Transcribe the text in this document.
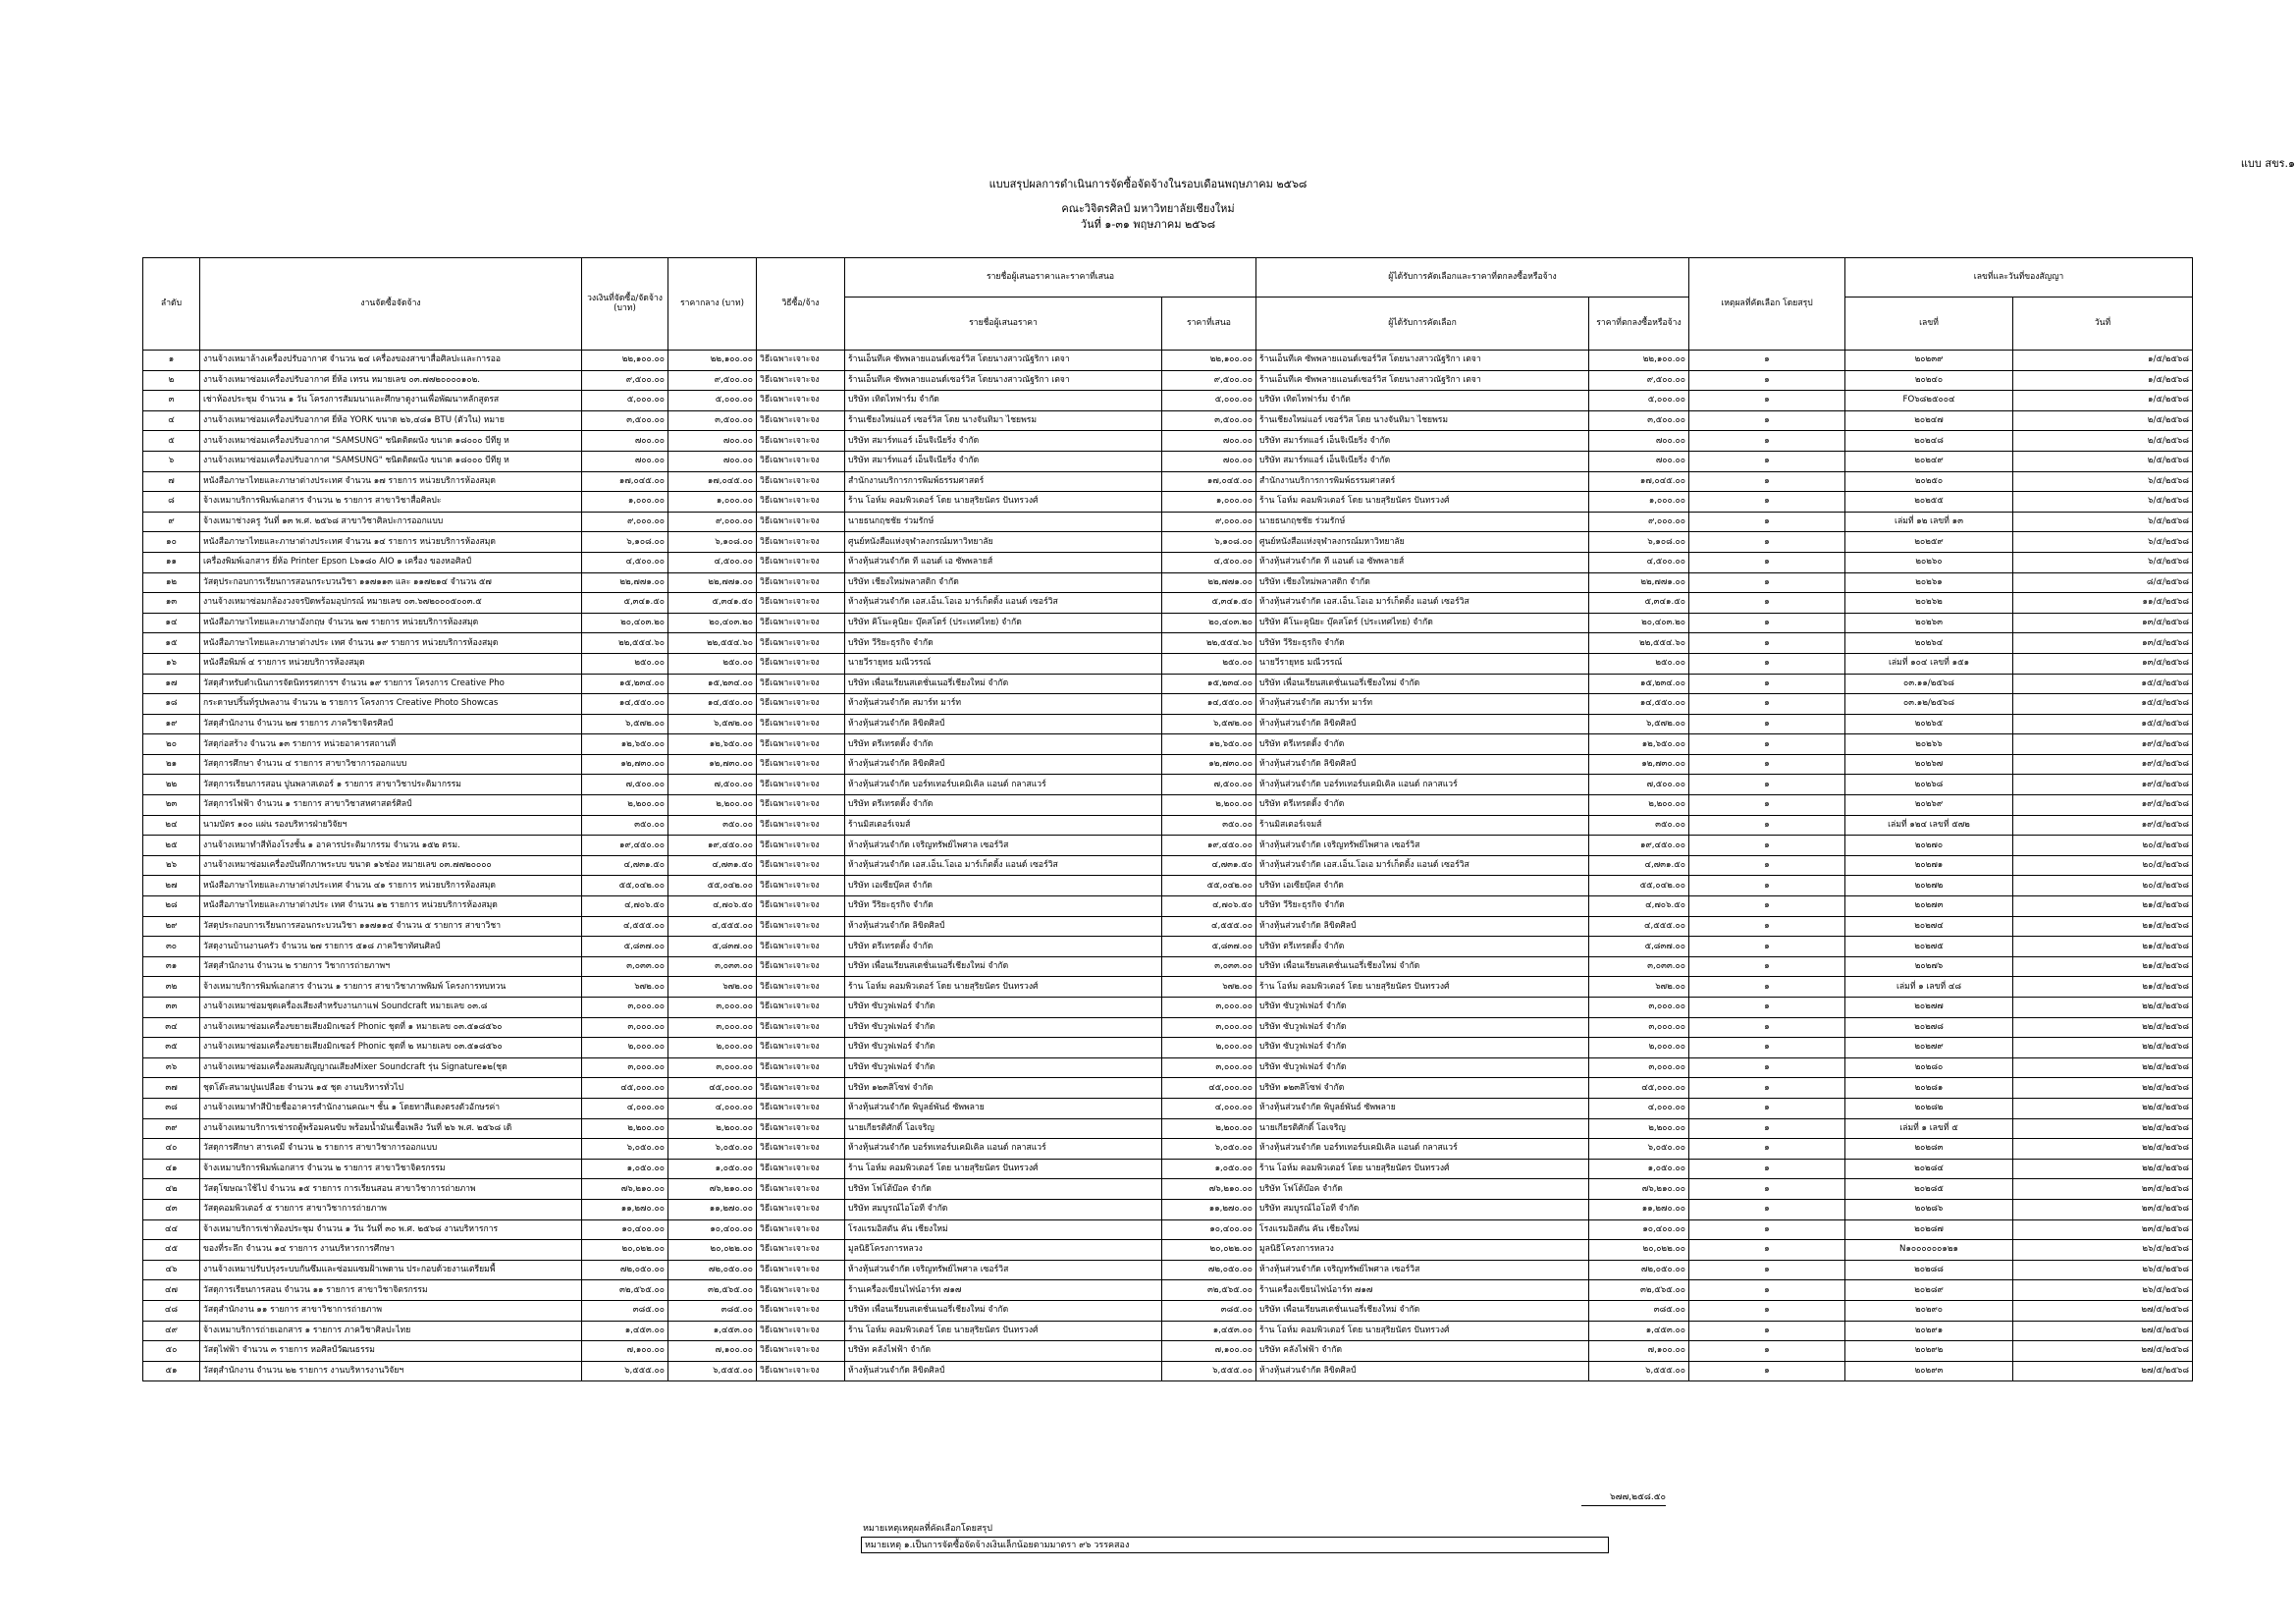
แบบ สขร.๑
แบบสรุปผลการดำเนินการจัดซื้อจัดจ้างในรอบเดือนพฤษภาคม ๒๕๖๘
คณะวิจิตรศิลป์ มหาวิทยาลัยเชียงใหม่
วันที่ ๑-๓๑ พฤษภาคม ๒๕๖๘
ลำดับ	งานจัดซื้อจัดจ้าง	วงเงินที่จัดซื้อ/จัดจ้าง (บาท)	ราคากลาง (บาท)	วิธีซื้อ/จ้าง	รายชื่อผู้เสนอราคาและราคาที่เสนอ		ผู้ได้รับการคัดเลือกและราคาที่ตกลงซื้อหรือจ้าง		เหตุผลที่คัดเลือก โดยสรุป	เลขที่และวันที่ของสัญญา	
					รายชื่อผู้เสนอราคา	ราคาที่เสนอ	ผู้ได้รับการคัดเลือก	ราคาที่ตกลงซื้อหรือจ้าง		เลขที่	วันที่
๑	งานจ้างเหมาล้างเครื่องปรับอากาศ จำนวน ๒๔ เครื่องของสาขาสื่อศิลปะและการออ	๒๒,๑๐๐.๐๐	๒๒,๑๐๐.๐๐	วิธีเฉพาะเจาะจง	ร้านเอ็นทีเค ซัพพลายแอนด์เซอร์วิส โดยนางสาวณัฐริกา เตจา	๒๒,๑๐๐.๐๐	ร้านเอ็นทีเค ซัพพลายแอนด์เซอร์วิส โดยนางสาวณัฐริกา เตจา	๒๒,๑๐๐.๐๐	๑	๒๐๒๓๙	๑/๕/๒๕๖๘
๒	งานจ้างเหมาซ่อมเครื่องปรับอากาศ ยี่ห้อ เทรน หมายเลข ๐๓.๗๗๒๐๐๐๐๑๐๒.	๙,๕๐๐.๐๐	๙,๕๐๐.๐๐	วิธีเฉพาะเจาะจง	ร้านเอ็นทีเค ซัพพลายแอนด์เซอร์วิส โดยนางสาวณัฐริกา เตจา	๙,๕๐๐.๐๐	ร้านเอ็นทีเค ซัพพลายแอนด์เซอร์วิส โดยนางสาวณัฐริกา เตจา	๙,๕๐๐.๐๐	๑	๒๐๒๔๐	๑/๕/๒๕๖๘
๓	เช่าห้องประชุม จำนวน ๑ วัน โครงการสัมมนาและศึกษาดูงานเพื่อพัฒนาหลักสูตรส	๕,๐๐๐.๐๐	๕,๐๐๐.๐๐	วิธีเฉพาะเจาะจง	บริษัท เทิดไทฟาร์ม จำกัด	๕,๐๐๐.๐๐	บริษัท เทิดไทฟาร์ม จำกัด	๕,๐๐๐.๐๐	๑	FO๖๘๒๕๐๐๔	๑/๕/๒๕๖๘
๔	งานจ้างเหมาซ่อมเครื่องปรับอากาศ ยี่ห้อ YORK ขนาด ๒๖,๔๘๑ BTU (ตัวใน) หมาย	๓,๕๐๐.๐๐	๓,๕๐๐.๐๐	วิธีเฉพาะเจาะจง	ร้านเชียงใหม่แอร์ เซอร์วิส โดย นางจันทิมา ไชยพรม	๓,๕๐๐.๐๐	ร้านเชียงใหม่แอร์ เซอร์วิส โดย นางจันทิมา ไชยพรม	๓,๕๐๐.๐๐	๑	๒๐๒๔๗	๒/๕/๒๕๖๘
๕	งานจ้างเหมาซ่อมเครื่องปรับอากาศ "SAMSUNG" ชนิดติดผนัง ขนาด ๑๘๐๐๐ บีทียู ห	๗๐๐.๐๐	๗๐๐.๐๐	วิธีเฉพาะเจาะจง	บริษัท สมาร์ทแอร์ เอ็นจิเนียริ่ง จำกัด	๗๐๐.๐๐	บริษัท สมาร์ทแอร์ เอ็นจิเนียริ่ง จำกัด	๗๐๐.๐๐	๑	๒๐๒๔๘	๒/๕/๒๕๖๘
๖	งานจ้างเหมาซ่อมเครื่องปรับอากาศ "SAMSUNG" ชนิดติดผนัง ขนาด ๑๘๐๐๐ บีทียู ห	๗๐๐.๐๐	๗๐๐.๐๐	วิธีเฉพาะเจาะจง	บริษัท สมาร์ทแอร์ เอ็นจิเนียริ่ง จำกัด	๗๐๐.๐๐	บริษัท สมาร์ทแอร์ เอ็นจิเนียริ่ง จำกัด	๗๐๐.๐๐	๑	๒๐๒๔๙	๒/๕/๒๕๖๘
๗	หนังสือภาษาไทยและภาษาต่างประเทศ จำนวน ๑๗ รายการ หน่วยบริการห้องสมุด	๑๗,๐๔๕.๐๐	๑๗,๐๔๕.๐๐	วิธีเฉพาะเจาะจง	สำนักงานบริการการพิมพ์ธรรมศาสตร์	๑๗,๐๔๕.๐๐	สำนักงานบริการการพิมพ์ธรรมศาสตร์	๑๗,๐๔๕.๐๐	๑	๒๐๒๕๐	๖/๕/๒๕๖๘
๘	จ้างเหมาบริการพิมพ์เอกสาร จำนวน ๒ รายการ สาขาวิชาสื่อศิลปะ	๑,๐๐๐.๐๐	๑,๐๐๐.๐๐	วิธีเฉพาะเจาะจง	ร้าน โอห์ม คอมพิวเตอร์ โดย นายสุริยนัตร ปันทรวงศ์	๑,๐๐๐.๐๐	ร้าน โอห์ม คอมพิวเตอร์ โดย นายสุริยนัตร ปันทรวงศ์	๑,๐๐๐.๐๐	๑	๒๐๒๕๕	๖/๕/๒๕๖๘
๙	จ้างเหมาช่างครู วันที่ ๑๓ พ.ศ. ๒๕๖๘ สาขาวิชาศิลปะการออกแบบ	๙,๐๐๐.๐๐	๙,๐๐๐.๐๐	วิธีเฉพาะเจาะจง	นายธนกฤชชัย ร่วมรักษ์	๙,๐๐๐.๐๐	นายธนกฤชชัย ร่วมรักษ์	๙,๐๐๐.๐๐	๑	เล่มที่ ๑๒ เลขที่ ๑๓	๖/๕/๒๕๖๘
๑๐	หนังสือภาษาไทยและภาษาต่างประเทศ จำนวน ๑๔ รายการ หน่วยบริการห้องสมุด	๖,๑๐๘.๐๐	๖,๑๐๘.๐๐	วิธีเฉพาะเจาะจง	ศูนย์หนังสือแห่งจุฬาลงกรณ์มหาวิทยาลัย	๖,๑๐๘.๐๐	ศูนย์หนังสือแห่งจุฬาลงกรณ์มหาวิทยาลัย	๖,๑๐๘.๐๐	๑	๒๐๒๕๙	๖/๕/๒๕๖๘
๑๑	เครื่องพิมพ์เอกสาร ยี่ห้อ Printer Epson L๖๑๘๐ AIO ๑ เครื่อง ของหอศิลป์	๔,๕๐๐.๐๐	๔,๕๐๐.๐๐	วิธีเฉพาะเจาะจง	ห้างหุ้นส่วนจำกัด ที แอนด์ เอ ซัพพลายส์	๔,๕๐๐.๐๐	ห้างหุ้นส่วนจำกัด ที แอนด์ เอ ซัพพลายส์	๔,๕๐๐.๐๐	๑	๒๐๒๖๐	๖/๕/๒๕๖๘
๑๒	วัสดุประกอบการเรียนการสอนกระบวนวิชา ๑๑๗๑๑๓ และ ๑๑๗๒๑๔ จำนวน ๕๗	๒๒,๗๗๑.๐๐	๒๒,๗๗๑.๐๐	วิธีเฉพาะเจาะจง	บริษัท เชียงใหม่พลาสติก จำกัด	๒๒,๗๗๑.๐๐	บริษัท เชียงใหม่พลาสติก จำกัด	๒๒,๗๗๑.๐๐	๑	๒๐๒๖๑	๘/๕/๒๕๖๘
๑๓	งานจ้างเหมาซ่อมกล้องวงจรปิดพร้อมอุปกรณ์ หมายเลข ๐๓.๖๗๒๐๐๐๕๐๐๓.๕	๕,๓๔๑.๕๐	๕,๓๔๑.๕๐	วิธีเฉพาะเจาะจง	ห้างหุ้นส่วนจำกัด เอส.เอ็น.โอเอ มาร์เก็ตติ้ง แอนด์ เซอร์วิส	๕,๓๔๑.๕๐	ห้างหุ้นส่วนจำกัด เอส.เอ็น.โอเอ มาร์เก็ตติ้ง แอนด์ เซอร์วิส	๕,๓๔๑.๕๐	๑	๒๐๒๖๒	๑๑/๕/๒๕๖๘
๑๔	หนังสือภาษาไทยและภาษาอังกฤษ จำนวน ๒๗ รายการ หน่วยบริการห้องสมุด	๒๐,๔๐๓.๒๐	๒๐,๔๐๓.๒๐	วิธีเฉพาะเจาะจง	บริษัท คิโนะคูนิยะ บุ๊คสโตร์ (ประเทศไทย) จำกัด	๒๐,๔๐๓.๒๐	บริษัท คิโนะคูนิยะ บุ๊คสโตร์ (ประเทศไทย) จำกัด	๒๐,๔๐๓.๒๐	๑	๒๐๒๖๓	๑๓/๕/๒๕๖๘
๑๕	หนังสือภาษาไทยและภาษาต่างประ เทศ จำนวน ๑๙ รายการ หน่วยบริการห้องสมุด	๒๒,๕๕๔.๖๐	๒๒,๕๕๔.๖๐	วิธีเฉพาะเจาะจง	บริษัท วีริยะธุรกิจ จำกัด	๒๒,๕๕๔.๖๐	บริษัท วีริยะธุรกิจ จำกัด	๒๒,๕๕๔.๖๐	๑	๒๐๒๖๔	๑๓/๕/๒๕๖๘
๑๖	หนังสือพิมพ์ ๔ รายการ หน่วยบริการห้องสมุด	๒๕๐.๐๐	๒๕๐.๐๐	วิธีเฉพาะเจาะจง	นายวีรายุทธ มณีวรรณ์	๒๕๐.๐๐	นายวีรายุทธ มณีวรรณ์	๒๕๐.๐๐	๑	เล่มที่ ๑๐๔ เลขที่ ๑๕๑	๑๓/๕/๒๕๖๘
๑๗	วัสดุสำหรับดำเนินการจัดนิทรรศการฯ จำนวน ๑๙ รายการ โครงการ Creative Pho	๑๕,๒๓๔.๐๐	๑๕,๒๓๔.๐๐	วิธีเฉพาะเจาะจง	บริษัท เพื่อนเรียนสเตชั่นเนอรี่เชียงใหม่ จำกัด	๑๕,๒๓๔.๐๐	บริษัท เพื่อนเรียนสเตชั่นเนอรี่เชียงใหม่ จำกัด	๑๕,๒๓๔.๐๐	๑	๐๓.๑๑/๒๕๖๘	๑๕/๕/๒๕๖๘
๑๘	กระดาษปริ้นท์รูปพลงาน จำนวน ๒ รายการ โครงการ Creative Photo Showcas	๑๔,๕๕๐.๐๐	๑๔,๕๕๐.๐๐	วิธีเฉพาะเจาะจง	ห้างหุ้นส่วนจำกัด สมาร์ท มาร์ท	๑๔,๕๕๐.๐๐	ห้างหุ้นส่วนจำกัด สมาร์ท มาร์ท	๑๔,๕๕๐.๐๐	๑	๐๓.๑๒/๒๕๖๘	๑๕/๕/๒๕๖๘
๑๙	วัสดุสำนักงาน จำนวน ๒๗ รายการ ภาควิชาจิตรศิลป์	๖,๕๗๒.๐๐	๖,๕๗๒.๐๐	วิธีเฉพาะเจาะจง	ห้างหุ้นส่วนจำกัด ลิขิตศิลป์	๖,๕๗๒.๐๐	ห้างหุ้นส่วนจำกัด ลิขิตศิลป์	๖,๕๗๒.๐๐	๑	๒๐๒๖๕	๑๕/๕/๒๕๖๘
๒๐	วัสดุก่อสร้าง จำนวน ๑๓ รายการ หน่วยอาคารสถานที่	๑๒,๖๕๐.๐๐	๑๒,๖๕๐.๐๐	วิธีเฉพาะเจาะจง	บริษัท ตรีเทรดดิ้ง จำกัด	๑๒,๖๕๐.๐๐	บริษัท ตรีเทรดดิ้ง จำกัด	๑๒,๖๕๐.๐๐	๑	๒๐๒๖๖	๑๙/๕/๒๕๖๘
๒๑	วัสดุการศึกษา จำนวน ๔ รายการ สาขาวิชาการออกแบบ	๑๒,๗๓๐.๐๐	๑๒,๗๓๐.๐๐	วิธีเฉพาะเจาะจง	ห้างหุ้นส่วนจำกัด ลิขิตศิลป์	๑๒,๗๓๐.๐๐	ห้างหุ้นส่วนจำกัด ลิขิตศิลป์	๑๒,๗๓๐.๐๐	๑	๒๐๒๖๗	๑๙/๕/๒๕๖๘
๒๒	วัสดุการเรียนการสอน ปูนพลาสเตอร์ ๑ รายการ สาขาวิชาประติมากรรม	๗,๕๐๐.๐๐	๗,๕๐๐.๐๐	วิธีเฉพาะเจาะจง	ห้างหุ้นส่วนจำกัด บอร์ทเทอร์บเคมิเคิล แอนด์ กลาสแวร์	๗,๕๐๐.๐๐	ห้างหุ้นส่วนจำกัด บอร์ทเทอร์บเคมิเคิล แอนด์ กลาสแวร์	๗,๕๐๐.๐๐	๑	๒๐๒๖๘	๑๙/๕/๒๕๖๘
๒๓	วัสดุการไฟฟ้า จำนวน ๑ รายการ สาขาวิชาสหศาสตร์ศิลป์	๒,๒๐๐.๐๐	๒,๒๐๐.๐๐	วิธีเฉพาะเจาะจง	บริษัท ตรีเทรดดิ้ง จำกัด	๒,๒๐๐.๐๐	บริษัท ตรีเทรดดิ้ง จำกัด	๒,๒๐๐.๐๐	๑	๒๐๒๖๙	๑๙/๕/๒๕๖๘
๒๔	นามบัตร ๑๐๐ แผ่น รองบริหารฝ่ายวิจัยฯ	๓๕๐.๐๐	๓๕๐.๐๐	วิธีเฉพาะเจาะจง	ร้านมิสเตอร์เจมส์	๓๕๐.๐๐	ร้านมิสเตอร์เจมส์	๓๕๐.๐๐	๑	เล่มที่ ๑๒๔ เลขที่ ๕๗๒	๑๙/๕/๒๕๖๘
๒๕	งานจ้างเหมาทำสีท้องโรงชั้น ๑ อาคารประติมากรรม จำนวน ๑๕๒ ตรม.	๑๙,๔๕๐.๐๐	๑๙,๔๕๐.๐๐	วิธีเฉพาะเจาะจง	ห้างหุ้นส่วนจำกัด เจริญทรัพย์ไพศาล เซอร์วิส	๑๙,๔๕๐.๐๐	ห้างหุ้นส่วนจำกัด เจริญทรัพย์ไพศาล เซอร์วิส	๑๙,๔๕๐.๐๐	๑	๒๐๒๗๐	๒๐/๕/๒๕๖๘
๒๖	งานจ้างเหมาซ่อมเครื่องบันทึกภาพระบบ ขนาด ๑๖ช่อง หมายเลข ๐๓.๗๗๒๐๐๐๐	๔,๗๓๑.๕๐	๔,๗๓๑.๕๐	วิธีเฉพาะเจาะจง	ห้างหุ้นส่วนจำกัด เอส.เอ็น.โอเอ มาร์เก็ตติ้ง แอนด์ เซอร์วิส	๔,๗๓๑.๕๐	ห้างหุ้นส่วนจำกัด เอส.เอ็น.โอเอ มาร์เก็ตติ้ง แอนด์ เซอร์วิส	๔,๗๓๑.๕๐	๑	๒๐๒๗๑	๒๐/๕/๒๕๖๘
๒๗	หนังสือภาษาไทยและภาษาต่างประเทศ จำนวน ๔๑ รายการ หน่วยบริการห้องสมุด	๕๕,๐๔๒.๐๐	๕๕,๐๔๒.๐๐	วิธีเฉพาะเจาะจง	บริษัท เอเซียบุ๊คส จำกัด	๕๕,๐๔๒.๐๐	บริษัท เอเซียบุ๊คส จำกัด	๕๕,๐๔๒.๐๐	๑	๒๐๒๗๒	๒๐/๕/๒๕๖๘
๒๘	หนังสือภาษาไทยและภาษาต่างประ เทศ จำนวน ๑๒ รายการ หน่วยบริการห้องสมุด	๔,๗๐๖.๕๐	๔,๗๐๖.๕๐	วิธีเฉพาะเจาะจง	บริษัท วีริยะธุรกิจ จำกัด	๔,๗๐๖.๕๐	บริษัท วีริยะธุรกิจ จำกัด	๔,๗๐๖.๕๐	๑	๒๐๒๗๓	๒๑/๕/๒๕๖๘
๒๙	วัสดุประกอบการเรียนการสอนกระบวนวิชา ๑๑๗๑๑๔ จำนวน ๕ รายการ สาขาวิชา	๔,๕๕๕.๐๐	๔,๕๕๕.๐๐	วิธีเฉพาะเจาะจง	ห้างหุ้นส่วนจำกัด ลิขิตศิลป์	๔,๕๕๕.๐๐	ห้างหุ้นส่วนจำกัด ลิขิตศิลป์	๔,๕๕๕.๐๐	๑	๒๐๒๗๔	๒๑/๕/๒๕๖๘
๓๐	วัสดุงานบ้านงานครัว จำนวน ๒๗ รายการ ๕๑๘ ภาควิชาทัศนศิลป์	๕,๘๓๗.๐๐	๕,๘๓๗.๐๐	วิธีเฉพาะเจาะจง	บริษัท ตรีเทรดดิ้ง จำกัด	๕,๘๓๗.๐๐	บริษัท ตรีเทรดดิ้ง จำกัด	๕,๘๓๗.๐๐	๑	๒๐๒๗๕	๒๑/๕/๒๕๖๘
๓๑	วัสดุสำนักงาน จำนวน ๒ รายการ วิชาการถ่ายภาพฯ	๓,๐๓๓.๐๐	๓,๐๓๓.๐๐	วิธีเฉพาะเจาะจง	บริษัท เพื่อนเรียนสเตชั่นเนอรี่เชียงใหม่ จำกัด	๓,๐๓๓.๐๐	บริษัท เพื่อนเรียนสเตชั่นเนอรี่เชียงใหม่ จำกัด	๓,๐๓๓.๐๐	๑	๒๐๒๗๖	๒๑/๕/๒๕๖๘
๓๒	จ้างเหมาบริการพิมพ์เอกสาร จำนวน ๑ รายการ สาขาวิชาภาพพิมพ์ โครงการทบทวน	๖๗๒.๐๐	๖๗๒.๐๐	วิธีเฉพาะเจาะจง	ร้าน โอห์ม คอมพิวเตอร์ โดย นายสุริยนัตร ปันทรวงศ์	๖๗๒.๐๐	ร้าน โอห์ม คอมพิวเตอร์ โดย นายสุริยนัตร ปันทรวงศ์	๖๗๒.๐๐	๑	เล่มที่ ๑ เลขที่ ๔๘	๒๑/๕/๒๕๖๘
๓๓	งานจ้างเหมาซ่อมชุดเครื่องเสียงสำหรับงานกาแฟ Soundcraft หมายเลข ๐๓.๘	๓,๐๐๐.๐๐	๓,๐๐๐.๐๐	วิธีเฉพาะเจาะจง	บริษัท ซับวูฟเฟอร์ จำกัด	๓,๐๐๐.๐๐	บริษัท ซับวูฟเฟอร์ จำกัด	๓,๐๐๐.๐๐	๑	๒๐๒๗๗	๒๒/๕/๒๕๖๘
๓๔	งานจ้างเหมาซ่อมเครื่องขยายเสียงมิกเซอร์ Phonic ชุดที่ ๑ หมายเลข ๐๓.๕๑๘๕๖๐	๓,๐๐๐.๐๐	๓,๐๐๐.๐๐	วิธีเฉพาะเจาะจง	บริษัท ซับวูฟเฟอร์ จำกัด	๓,๐๐๐.๐๐	บริษัท ซับวูฟเฟอร์ จำกัด	๓,๐๐๐.๐๐	๑	๒๐๒๗๘	๒๒/๕/๒๕๖๘
๓๕	งานจ้างเหมาซ่อมเครื่องขยายเสียงมิกเซอร์ Phonic ชุดที่ ๒ หมายเลข ๐๓.๕๑๘๕๖๐	๒,๐๐๐.๐๐	๒,๐๐๐.๐๐	วิธีเฉพาะเจาะจง	บริษัท ซับวูฟเฟอร์ จำกัด	๒,๐๐๐.๐๐	บริษัท ซับวูฟเฟอร์ จำกัด	๒,๐๐๐.๐๐	๑	๒๐๒๗๙	๒๒/๕/๒๕๖๘
๓๖	งานจ้างเหมาซ่อมเครื่องผสมสัญญาณเสียงMixer Soundcraft รุ่น Signature๑๒(ชุด	๓,๐๐๐.๐๐	๓,๐๐๐.๐๐	วิธีเฉพาะเจาะจง	บริษัท ซับวูฟเฟอร์ จำกัด	๓,๐๐๐.๐๐	บริษัท ซับวูฟเฟอร์ จำกัด	๓,๐๐๐.๐๐	๑	๒๐๒๘๐	๒๒/๕/๒๕๖๘
๓๗	ชุดโต๊ะสนามปูนเปลือย จำนวน ๑๕ ชุด งานบริหารทั่วไป	๔๕,๐๐๐.๐๐	๔๕,๐๐๐.๐๐	วิธีเฉพาะเจาะจง	บริษัท ๑๒๓สิโซฟ จำกัด	๔๕,๐๐๐.๐๐	บริษัท ๑๒๓สิโซฟ จำกัด	๔๕,๐๐๐.๐๐	๑	๒๐๒๘๑	๒๒/๕/๒๕๖๘
๓๘	งานจ้างเหมาทำสีป้ายชื่ออาคารสำนักงานคณะฯ ชั้น ๑ โดยทาสีแดงตรงตัวอักษรค่า	๔,๐๐๐.๐๐	๔,๐๐๐.๐๐	วิธีเฉพาะเจาะจง	ห้างหุ้นส่วนจำกัด พิบูลย์พันธ์ ซัพพลาย	๔,๐๐๐.๐๐	ห้างหุ้นส่วนจำกัด พิบูลย์พันธ์ ซัพพลาย	๔,๐๐๐.๐๐	๑	๒๐๒๘๒	๒๒/๕/๒๕๖๘
๓๙	งานจ้างเหมาบริการเช่ารถตู้พร้อมคนขับ พร้อมน้ำมันเชื้อเพลิง วันที่ ๒๖ พ.ศ. ๒๕๖๘ เดิ	๒,๒๐๐.๐๐	๒,๒๐๐.๐๐	วิธีเฉพาะเจาะจง	นายเกียรติศักดิ์ โอเจริญ	๒,๒๐๐.๐๐	นายเกียรติศักดิ์ โอเจริญ	๒,๒๐๐.๐๐	๑	เล่มที่ ๑ เลขที่ ๕	๒๒/๕/๒๕๖๘
๔๐	วัสดุการศึกษา สารเคมี จำนวน ๒ รายการ สาขาวิชาการออกแบบ	๖,๐๕๐.๐๐	๖,๐๕๐.๐๐	วิธีเฉพาะเจาะจง	ห้างหุ้นส่วนจำกัด บอร์ทเทอร์บเคมิเคิล แอนด์ กลาสแวร์	๖,๐๕๐.๐๐	ห้างหุ้นส่วนจำกัด บอร์ทเทอร์บเคมิเคิล แอนด์ กลาสแวร์	๖,๐๕๐.๐๐	๑	๒๐๒๘๓	๒๒/๕/๒๕๖๘
๔๑	จ้างเหมาบริการพิมพ์เอกสาร จำนวน ๒ รายการ สาขาวิชาจิตรกรรม	๑,๐๕๐.๐๐	๑,๐๕๐.๐๐	วิธีเฉพาะเจาะจง	ร้าน โอห์ม คอมพิวเตอร์ โดย นายสุริยนัตร ปันทรวงศ์	๑,๐๕๐.๐๐	ร้าน โอห์ม คอมพิวเตอร์ โดย นายสุริยนัตร ปันทรวงศ์	๑,๐๕๐.๐๐	๑	๒๐๒๘๔	๒๒/๕/๒๕๖๘
๔๒	วัสดุโฆษณาใช้ไป จำนวน ๑๕ รายการ การเรียนสอน สาขาวิชาการถ่ายภาพ	๗๖,๒๑๐.๐๐	๗๖,๒๑๐.๐๐	วิธีเฉพาะเจาะจง	บริษัท โฟโต้บ๊อค จำกัด	๗๖,๒๑๐.๐๐	บริษัท โฟโต้บ๊อค จำกัด	๗๖,๒๑๐.๐๐	๑	๒๐๒๘๕	๒๓/๕/๒๕๖๘
๔๓	วัสดุคอมพิวเตอร์ ๕ รายการ สาขาวิชาการถ่ายภาพ	๑๑,๒๗๐.๐๐	๑๑,๒๗๐.๐๐	วิธีเฉพาะเจาะจง	บริษัท สมบูรณ์ไอโอที จำกัด	๑๑,๒๗๐.๐๐	บริษัท สมบูรณ์ไอโอที จำกัด	๑๑,๒๗๐.๐๐	๑	๒๐๒๘๖	๒๓/๕/๒๕๖๘
๔๔	จ้างเหมาบริการเช่าห้องประชุม จำนวน ๑ วัน วันที่ ๓๐ พ.ศ. ๒๕๖๘ งานบริหารการ	๑๐,๔๐๐.๐๐	๑๐,๔๐๐.๐๐	วิธีเฉพาะเจาะจง	โรงแรมอิสตัน คัน เชียงใหม่	๑๐,๔๐๐.๐๐	โรงแรมอิสตัน คัน เชียงใหม่	๑๐,๔๐๐.๐๐	๑	๒๐๒๘๗	๒๓/๕/๒๕๖๘
๔๕	ของที่ระลึก จำนวน ๑๔ รายการ งานบริหารการศึกษา	๒๐,๐๒๒.๐๐	๒๐,๐๒๒.๐๐	วิธีเฉพาะเจาะจง	มูลนิธิโครงการหลวง	๒๐,๐๒๒.๐๐	มูลนิธิโครงการหลวง	๒๐,๐๒๒.๐๐	๑	N๑๐๐๐๐๐๐๑๒๑	๒๖/๕/๒๕๖๘
๔๖	งานจ้างเหมาปรับปรุงระบบกันซึมและซ่อมแซมฝ้าเพดาน ประกอบด้วยงานเตรียมพื้	๗๒,๐๕๐.๐๐	๗๒,๐๕๐.๐๐	วิธีเฉพาะเจาะจง	ห้างหุ้นส่วนจำกัด เจริญทรัพย์ไพศาล เซอร์วิส	๗๒,๐๕๐.๐๐	ห้างหุ้นส่วนจำกัด เจริญทรัพย์ไพศาล เซอร์วิส	๗๒,๐๕๐.๐๐	๑	๒๐๒๘๘	๒๖/๕/๒๕๖๘
๔๗	วัสดุการเรียนการสอน จำนวน ๑๑ รายการ สาขาวิชาจิตรกรรม	๓๒,๕๖๕.๐๐	๓๒,๕๖๕.๐๐	วิธีเฉพาะเจาะจง	ร้านเครื่องเขียนไฟน์อาร์ท ๗๑๗	๓๒,๕๖๕.๐๐	ร้านเครื่องเขียนไฟน์อาร์ท ๗๑๗	๓๒,๕๖๕.๐๐	๑	๒๐๒๘๙	๒๖/๕/๒๕๖๘
๔๘	วัสดุสำนักงาน ๑๑ รายการ สาขาวิชาการถ่ายภาพ	๓๘๕.๐๐	๓๘๕.๐๐	วิธีเฉพาะเจาะจง	บริษัท เพื่อนเรียนสเตชั่นเนอรี่เชียงใหม่ จำกัด	๓๘๕.๐๐	บริษัท เพื่อนเรียนสเตชั่นเนอรี่เชียงใหม่ จำกัด	๓๘๕.๐๐	๑	๒๐๒๙๐	๒๗/๕/๒๕๖๘
๔๙	จ้างเหมาบริการถ่ายเอกสาร ๑ รายการ ภาควิชาศิลปะไทย	๑,๔๕๓.๐๐	๑,๔๕๓.๐๐	วิธีเฉพาะเจาะจง	ร้าน โอห์ม คอมพิวเตอร์ โดย นายสุริยนัตร ปันทรวงศ์	๑,๔๕๓.๐๐	ร้าน โอห์ม คอมพิวเตอร์ โดย นายสุริยนัตร ปันทรวงศ์	๑,๔๕๓.๐๐	๑	๒๐๒๙๑	๒๗/๕/๒๕๖๘
๕๐	วัสดุไฟฟ้า จำนวน ๓ รายการ หอศิลป์วัฒนธรรม	๗,๑๐๐.๐๐	๗,๑๐๐.๐๐	วิธีเฉพาะเจาะจง	บริษัท คลังไฟฟ้า จำกัด	๗,๑๐๐.๐๐	บริษัท คลังไฟฟ้า จำกัด	๗,๑๐๐.๐๐	๑	๒๐๒๙๒	๒๗/๕/๒๕๖๘
๕๑	วัสดุสำนักงาน จำนวน ๒๒ รายการ งานบริหารงานวิจัยฯ	๖,๕๕๕.๐๐	๖,๕๕๕.๐๐	วิธีเฉพาะเจาะจง	ห้างหุ้นส่วนจำกัด ลิขิตศิลป์	๖,๕๕๕.๐๐	ห้างหุ้นส่วนจำกัด ลิขิตศิลป์	๖,๕๕๕.๐๐	๑	๒๐๒๙๓	๒๗/๕/๒๕๖๘
๖๗๗,๒๕๘.๕๐
หมายเหตุเหตุผลที่คัดเลือกโดยสรุป
หมายเหตุ ๑.เป็นการจัดซื้อจัดจ้างเงินเล็กน้อยตามมาตรา ๙๖ วรรคสอง
